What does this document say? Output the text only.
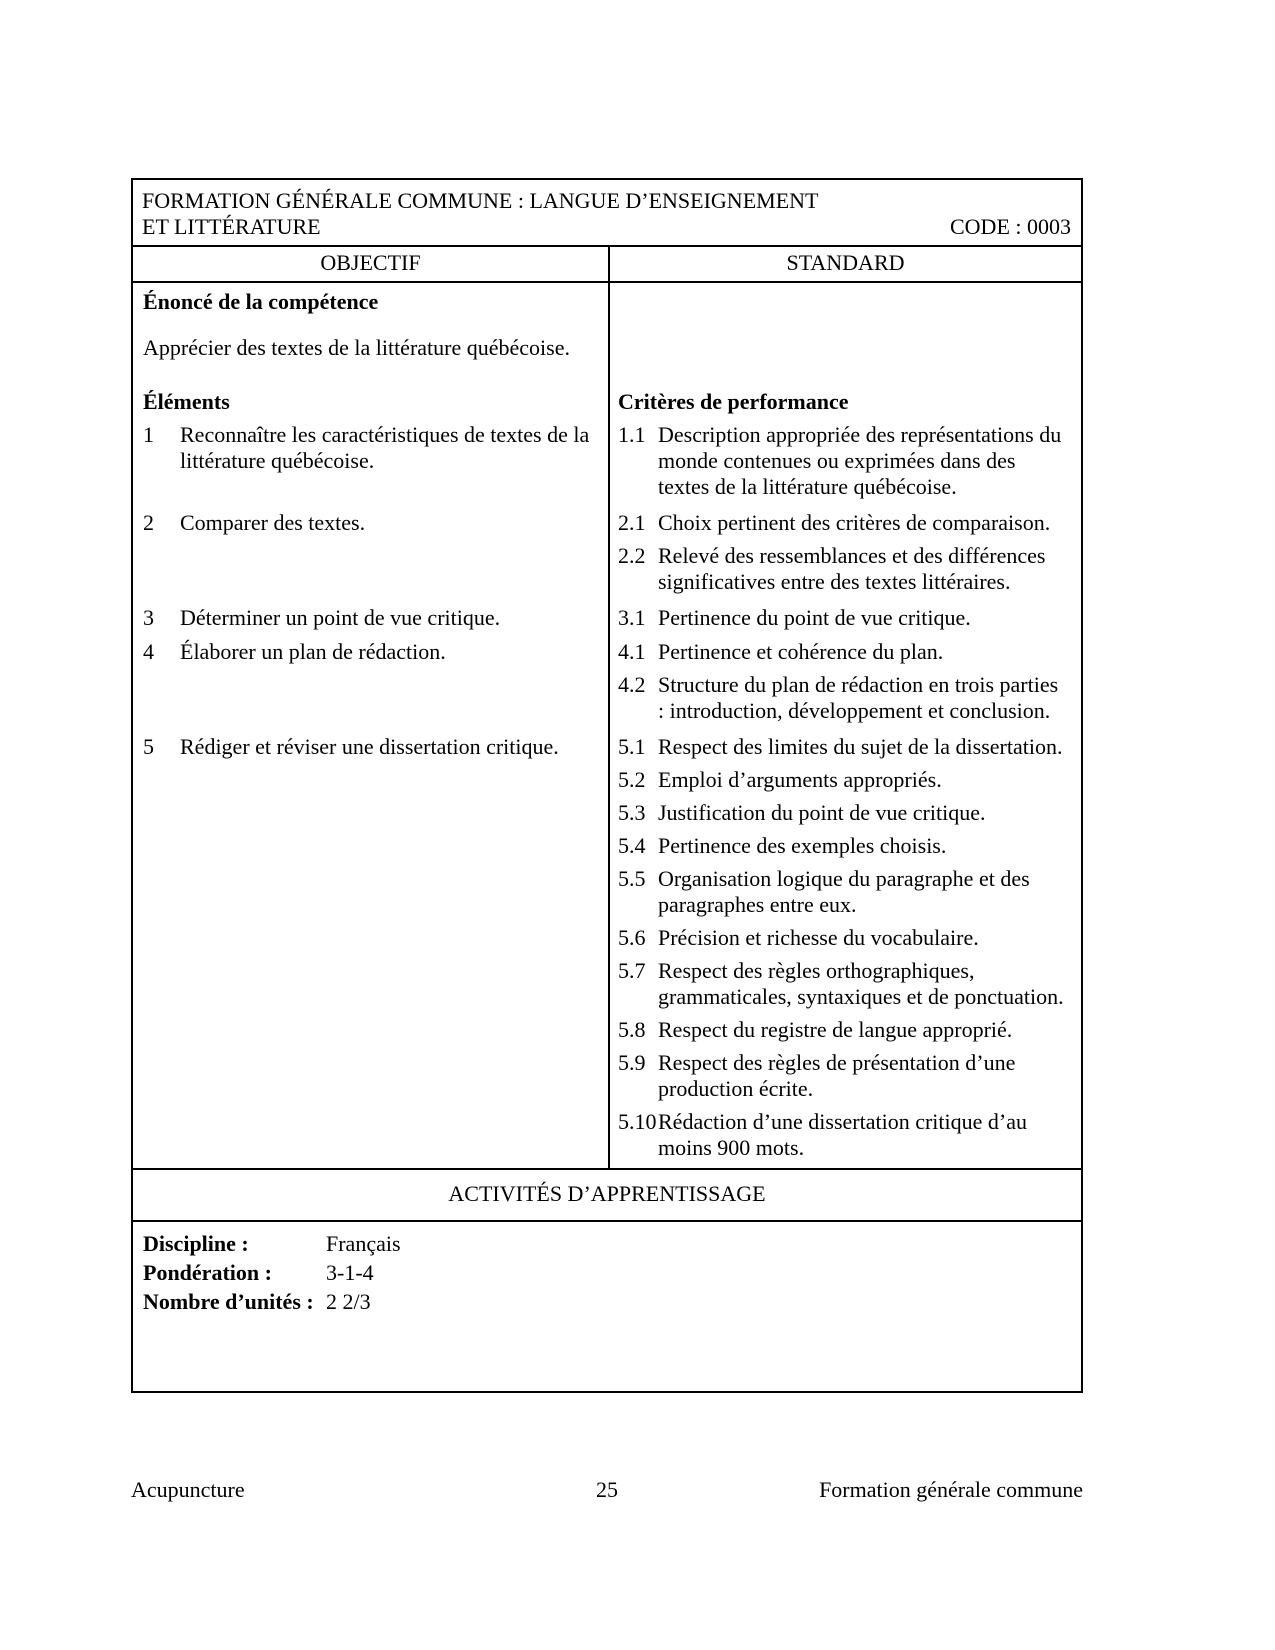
FORMATION GÉNÉRALE COMMUNE : LANGUE D’ENSEIGNEMENT
ET LITTÉRATURE	CODE : 0003
OBJECTIF	STANDARD
Énoncé de la compétence
Apprécier des textes de la littérature québécoise.
Éléments	Critères de performance
1	Reconnaître les caractéristiques de textes de la littérature québécoise.
1.1 Description appropriée des représentations du monde contenues ou exprimées dans des textes de la littérature québécoise.
2	Comparer des textes.	2.1 Choix pertinent des critères de comparaison.
2.2 Relevé des ressemblances et des différences significatives entre des textes littéraires.
3	Déterminer un point de vue critique.	3.1 Pertinence du point de vue critique.
4	Élaborer un plan de rédaction.	4.1 Pertinence et cohérence du plan.
4.2 Structure du plan de rédaction en trois parties : introduction, développement et conclusion.
5	Rédiger et réviser une dissertation critique.	5.1 Respect des limites du sujet de la dissertation.
5.2 Emploi d’arguments appropriés.
5.3 Justification du point de vue critique.
5.4 Pertinence des exemples choisis.
5.5 Organisation logique du paragraphe et des paragraphes entre eux.
5.6 Précision et richesse du vocabulaire.
5.7 Respect des règles orthographiques, grammaticales, syntaxiques et de ponctuation.
5.8 Respect du registre de langue approprié.
5.9 Respect des règles de présentation d’une production écrite.
5.10 Rédaction d’une dissertation critique d’au moins 900 mots.
ACTIVITÉS D’APPRENTISSAGE
Discipline :	Français
Pondération :	3-1-4
Nombre d’unités : 2 2/3
Acupuncture	25	Formation générale commune
